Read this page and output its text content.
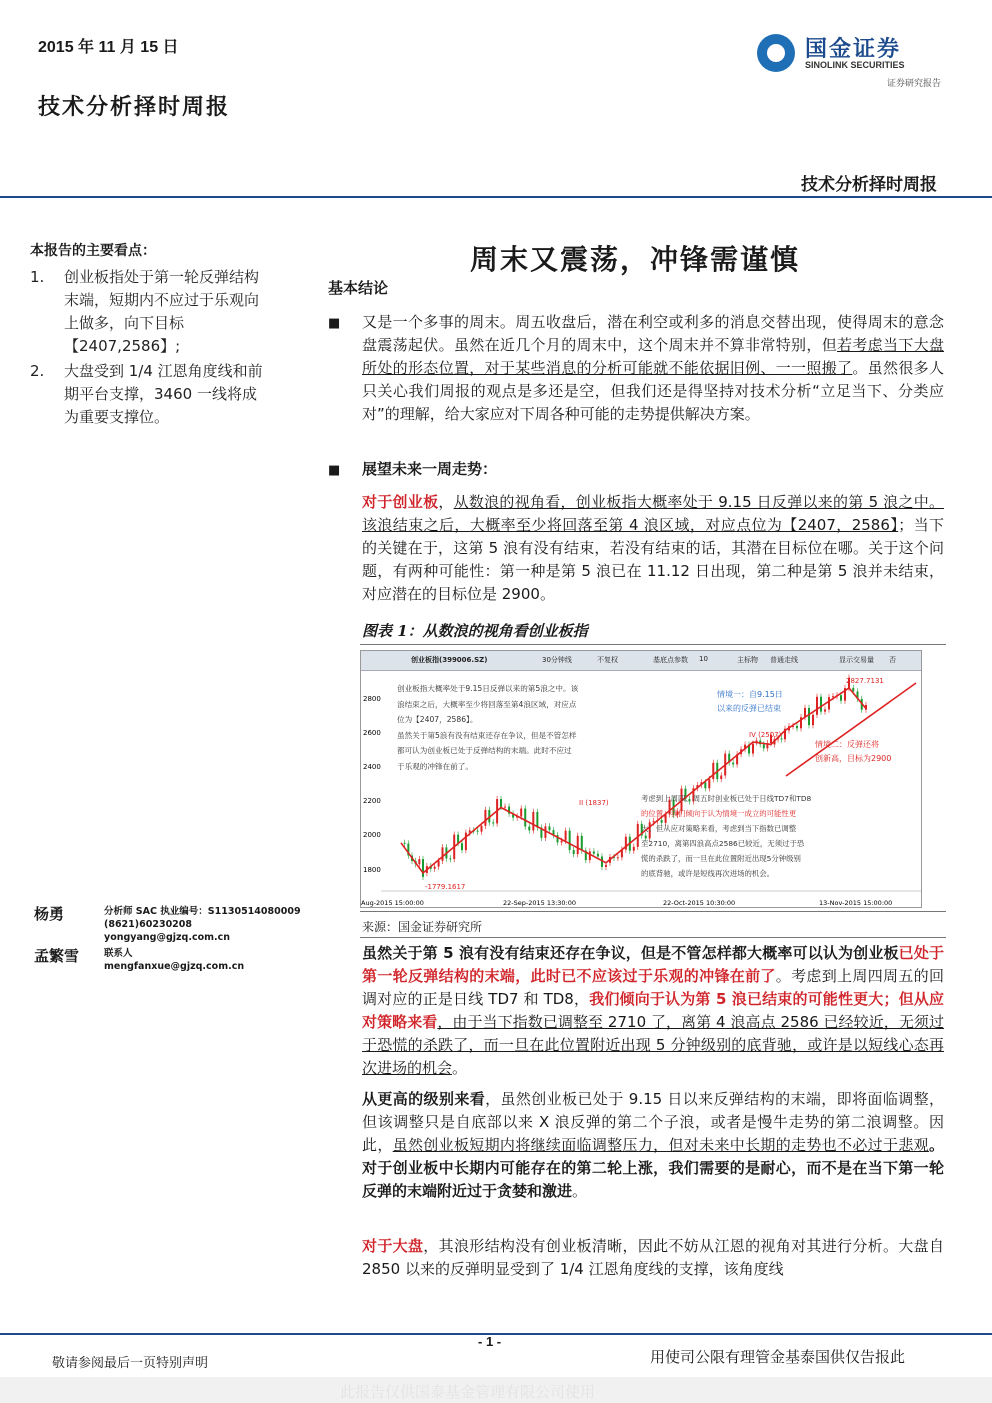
2015 年 11 月 15 日
技术分析择时周报
国金证券
SINOLINK SECURITIES
证券研究报告
技术分析择时周报
本报告的主要看点：
1. 创业板指处于第一轮反弹结构末端，短期内不应过于乐观向上做多，向下目标【2407,2586】;
2. 大盘受到 1/4 江恩角度线和前期平台支撑，3460 一线将成为重要支撑位。
杨勇	分析师 SAC 执业编号：S1130514080009
(8621)60230208
yongyang@gjzq.com.cn
孟繁雪	联系人
mengfanxue@gjzq.com.cn
周末又震荡，冲锋需谨慎
基本结论
■ 又是一个多事的周末。周五收盘后，潜在利空或利多的消息交替出现，使得周末的意念盘震荡起伏。虽然在近几个月的周末中，这个周末并不算非常特别，但若考虑当下大盘所处的形态位置，对于某些消息的分析可能就不能依据旧例、一一照搬了。虽然很多人只关心我们周报的观点是多还是空，但我们还是得坚持对技术分析“立足当下、分类应对”的理解，给大家应对下周各种可能的走势提供解决方案。
■ 展望未来一周走势：
对于创业板，从数浪的视角看，创业板指大概率处于 9.15 日反弹以来的第 5 浪之中。该浪结束之后，大概率至少将回落至第 4 浪区域，对应点位为【2407，2586】；当下的关键在于，这第 5 浪有没有结束，若没有结束的话，其潜在目标位在哪。关于这个问题，有两种可能性：第一种是第 5 浪已在 11.12 日出现，第二种是第 5 浪并未结束，对应潜在的目标位是 2900。
图表 1：从数浪的视角看创业板指
创业板指(399006.SZ)	30分钟线	不复权	基底点参数 10	主标物 普通走线	显示交易量 否
2800
2600
2400
2200
2000
1800
Aug-2015 15:00:00	22-Sep-2015 13:30:00	22-Oct-2015 10:30:00	13-Nov-2015 15:00:00
创业板指大概率处于9.15日反弹以来的第5浪之中。该
浪结束之后，大概率至少将回落至第4浪区域，对应点
位为【2407，2586】。
虽然关于第5浪有没有结束还存在争议，但是不管怎样
都可认为创业板已处于反弹结构的末端。此时不应过
于乐观的冲锋在前了。
情境一：自9.15日
以来的反弹已结束
情境二：反弹还将
创新高，目标为2900
考虑到上周四、周五时创业板已处于日线TD7和TD8
的位置，我们倾向于认为情境一成立的可能性更
大；但从应对策略来看，考虑到当下指数已调整
至2710，离第四浪高点2586已较近，无须过于恐
慌的杀跌了，而一旦在此位置附近出现5分钟级别
的底背驰，或许是短线再次进场的机会。
2827.7131
-1779.1617
II (1837)
IV (2507)
来源：国金证券研究所
虽然关于第 5 浪有没有结束还存在争议，但是不管怎样都大概率可以认为创业板已处于第一轮反弹结构的末端，此时已不应该过于乐观的冲锋在前了。考虑到上周四周五的回调对应的正是日线 TD7 和 TD8，我们倾向于认为第 5 浪已结束的可能性更大；但从应对策略来看，由于当下指数已调整至 2710 了，离第 4 浪高点 2586 已经较近，无须过于恐慌的杀跌了，而一旦在此位置附近出现 5 分钟级别的底背驰，或许是以短线心态再次进场的机会。
从更高的级别来看，虽然创业板已处于 9.15 日以来反弹结构的末端，即将面临调整，但该调整只是自底部以来 X 浪反弹的第二个子浪，或者是慢牛走势的第二浪调整。因此，虽然创业板短期内将继续面临调整压力，但对未来中长期的走势也不必过于悲观。对于创业板中长期内可能存在的第二轮上涨，我们需要的是耐心，而不是在当下第一轮反弹的末端附近过于贪婪和激进。
对于大盘，其浪形结构没有创业板清晰，因此不妨从江恩的视角对其进行分析。大盘自 2850 以来的反弹明显受到了 1/4 江恩角度线的支撑，该角度线
- 1 -
敬请参阅最后一页特别声明	用使司公限有理管金基泰国供仅告报此
此报告仅供国泰基金管理有限公司使用
